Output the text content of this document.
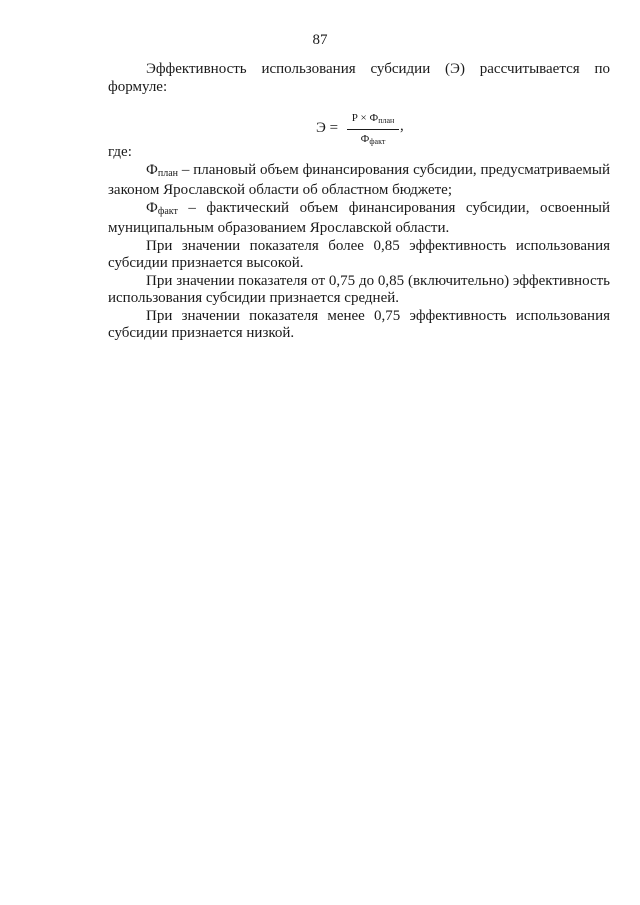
87

Эффективность использования субсидии (Э) рассчитывается по формуле:

Э =
Р × Фплан
Ффакт
,

где:

$Ф_{план}$ – плановый объем финансирования субсидии, предусматриваемый законом Ярославской области об областном бюджете;

$Ф_{факт}$ – фактический объем финансирования субсидии, освоенный муниципальным образованием Ярославской области.

При значении показателя более 0,85 эффективность использования субсидии признается высокой.

При значении показателя от 0,75 до 0,85 (включительно) эффективность использования субсидии признается средней.

При значении показателя менее 0,75 эффективность использования субсидии признается низкой.
